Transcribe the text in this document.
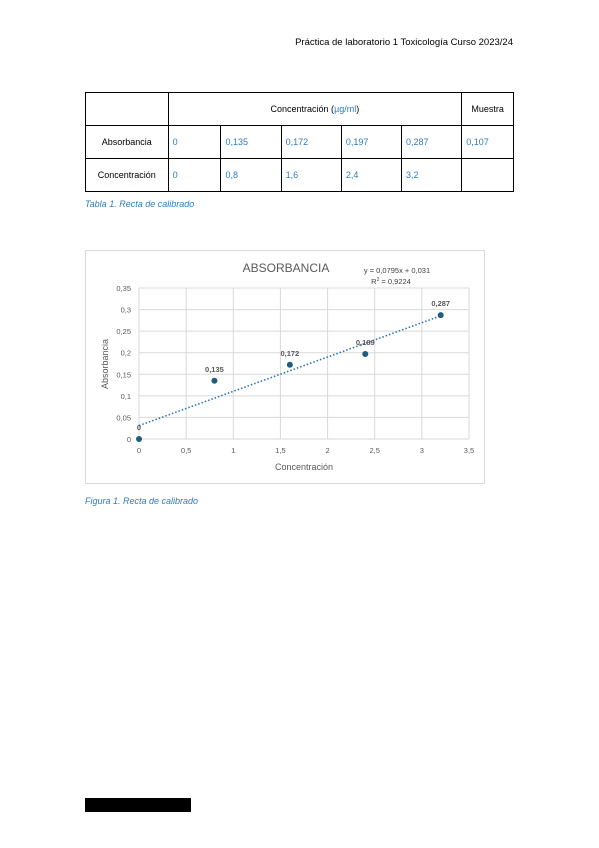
Práctica de laboratorio 1 Toxicología Curso 2023/24
	Concentración (µg/ml)					Muestra
Absorbancia	0	0,135	0,172	0,197	0,287	0,107
Concentración	0	0,8	1,6	2,4	3,2	
Tabla 1. Recta de calibrado
0
0,135
0,172
0,189
0,287
0
0,05
0,1
0,15
0,2
0,25
0,3
0,35
0	0,5	1	1,5	2	2,5	3	3,5
ABSORBANCIA	y = 0,0795x + 0,031
$R^2 = 0,9224$
Concentración
Absorbancia
Figura 1. Recta de calibrado
